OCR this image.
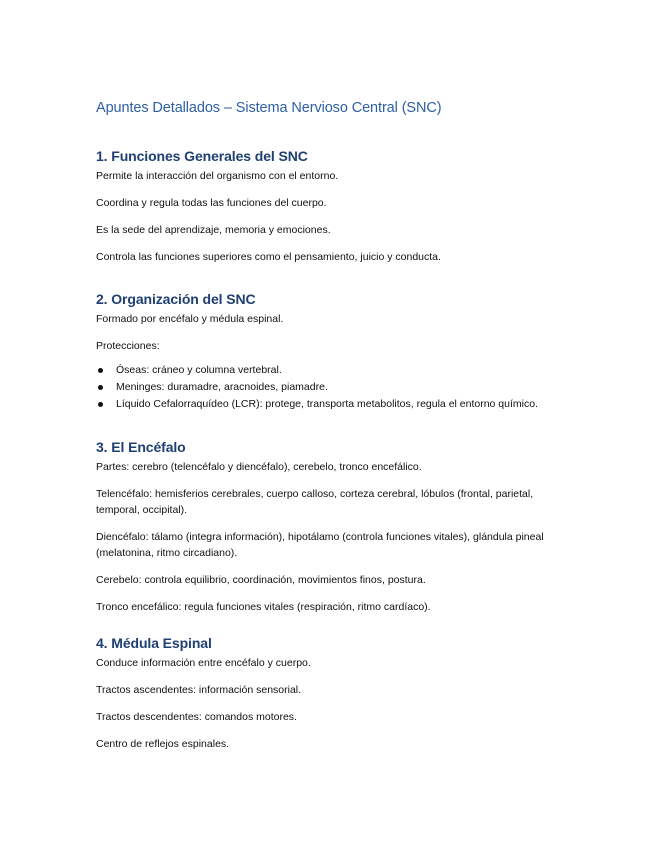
Apuntes Detallados – Sistema Nervioso Central (SNC)
1. Funciones Generales del SNC

Permite la interacción del organismo con el entorno.

Coordina y regula todas las funciones del cuerpo.

Es la sede del aprendizaje, memoria y emociones.

Controla las funciones superiores como el pensamiento, juicio y conducta.

2. Organización del SNC

Formado por encéfalo y médula espinal.

Protecciones:

Óseas: cráneo y columna vertebral.
Meninges: duramadre, aracnoides, piamadre.
Líquido Cefalorraquídeo (LCR): protege, transporta metabolitos, regula el entorno químico.
3. El Encéfalo

Partes: cerebro (telencéfalo y diencéfalo), cerebelo, tronco encefálico.

Telencéfalo: hemisferios cerebrales, cuerpo calloso, corteza cerebral, lóbulos (frontal, parietal, temporal, occipital).

Diencéfalo: tálamo (integra información), hipotálamo (controla funciones vitales), glándula pineal (melatonina, ritmo circadiano).

Cerebelo: controla equilibrio, coordinación, movimientos finos, postura.

Tronco encefálico: regula funciones vitales (respiración, ritmo cardíaco).

4. Médula Espinal

Conduce información entre encéfalo y cuerpo.

Tractos ascendentes: información sensorial.

Tractos descendentes: comandos motores.

Centro de reflejos espinales.
